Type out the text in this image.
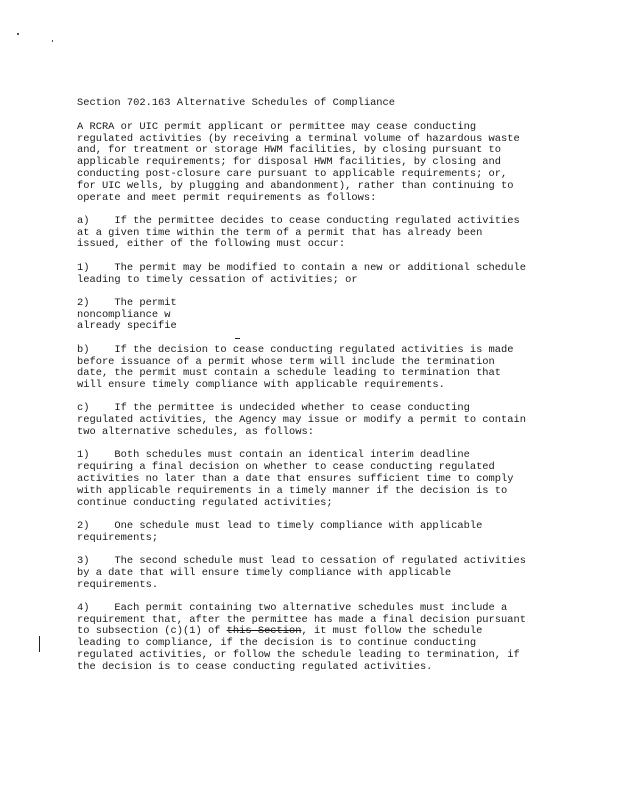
Section 702.163 Alternative Schedules of Compliance
A RCRA or UIC permit applicant or permittee may cease conducting
regulated activities (by receiving a terminal volume of hazardous waste
and, for treatment or storage HWM facilities, by closing pursuant to
applicable requirements; for disposal HWM facilities, by closing and
conducting post-closure care pursuant to applicable requirements; or,
for UIC wells, by plugging and abandonment), rather than continuing to
operate and meet permit requirements as follows:
a)    If the permittee decides to cease conducting regulated activities
at a given time within the term of a permit that has already been
issued, either of the following must occur:
1)    The permit may be modified to contain a new or additional schedule
leading to timely cessation of activities; or
2)    The permit
noncompliance w
already specifie
b)    If the decision to cease conducting regulated activities is made
before issuance of a permit whose term will include the termination
date, the permit must contain a schedule leading to termination that
will ensure timely compliance with applicable requirements.
c)    If the permittee is undecided whether to cease conducting
regulated activities, the Agency may issue or modify a permit to contain
two alternative schedules, as follows:
1)    Both schedules must contain an identical interim deadline
requiring a final decision on whether to cease conducting regulated
activities no later than a date that ensures sufficient time to comply
with applicable requirements in a timely manner if the decision is to
continue conducting regulated activities;
2)    One schedule must lead to timely compliance with applicable
requirements;
3)    The second schedule must lead to cessation of regulated activities
by a date that will ensure timely compliance with applicable
requirements.
4)    Each permit containing two alternative schedules must include a
requirement that, after the permittee has made a final decision pursuant
to subsection (c)(1) of this Section, it must follow the schedule
leading to compliance, if the decision is to continue conducting
regulated activities, or follow the schedule leading to termination, if
the decision is to cease conducting regulated activities.
